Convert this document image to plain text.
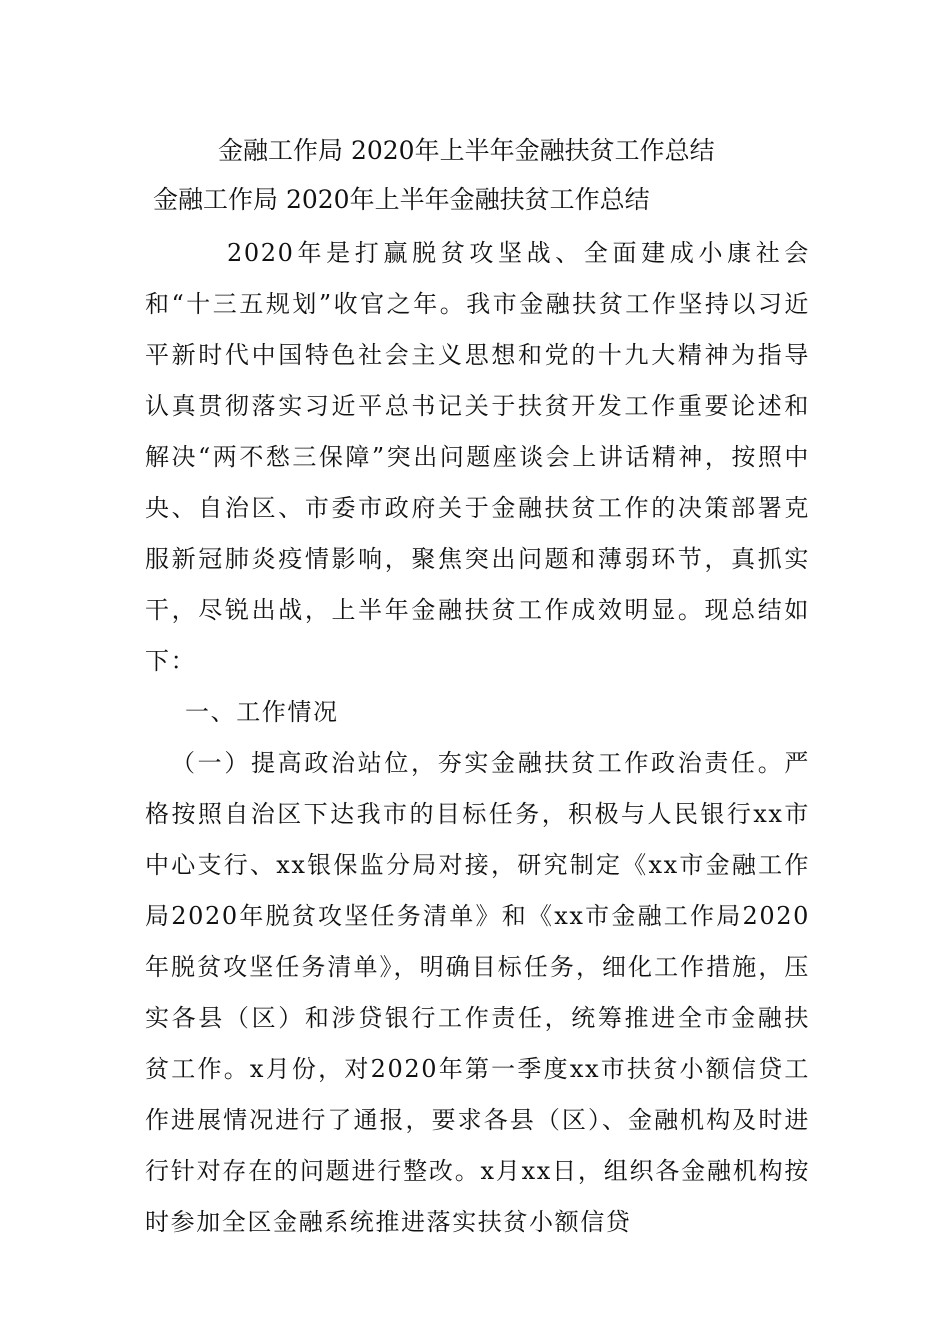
金融工作局 2020年上半年金融扶贫工作总结
金融工作局 2020年上半年金融扶贫工作总结

2020年是打赢脱贫攻坚战、全面建成小康社会和“十三五规划”收官之年。我市金融扶贫工作坚持以习近平新时代中国特色社会主义思想和党的十九大精神为指导认真贯彻落实习近平总书记关于扶贫开发工作重要论述和解决“两不愁三保障”突出问题座谈会上讲话精神，按照中央、自治区、市委市政府关于金融扶贫工作的决策部署克服新冠肺炎疫情影响，聚焦突出问题和薄弱环节，真抓实干，尽锐出战，上半年金融扶贫工作成效明显。现总结如下：

一、工作情况

（一）提高政治站位，夯实金融扶贫工作政治责任。严格按照自治区下达我市的目标任务，积极与人民银行xx市中心支行、xx银保监分局对接，研究制定《xx市金融工作局2020年脱贫攻坚任务清单》和《xx市金融工作局2020年脱贫攻坚任务清单》，明确目标任务，细化工作措施，压实各县（区）和涉贷银行工作责任，统筹推进全市金融扶贫工作。x月份，对2020年第一季度xx市扶贫小额信贷工作进展情况进行了通报，要求各县（区）、金融机构及时进行针对存在的问题进行整改。x月xx日，组织各金融机构按时参加全区金融系统推进落实扶贫小额信贷
